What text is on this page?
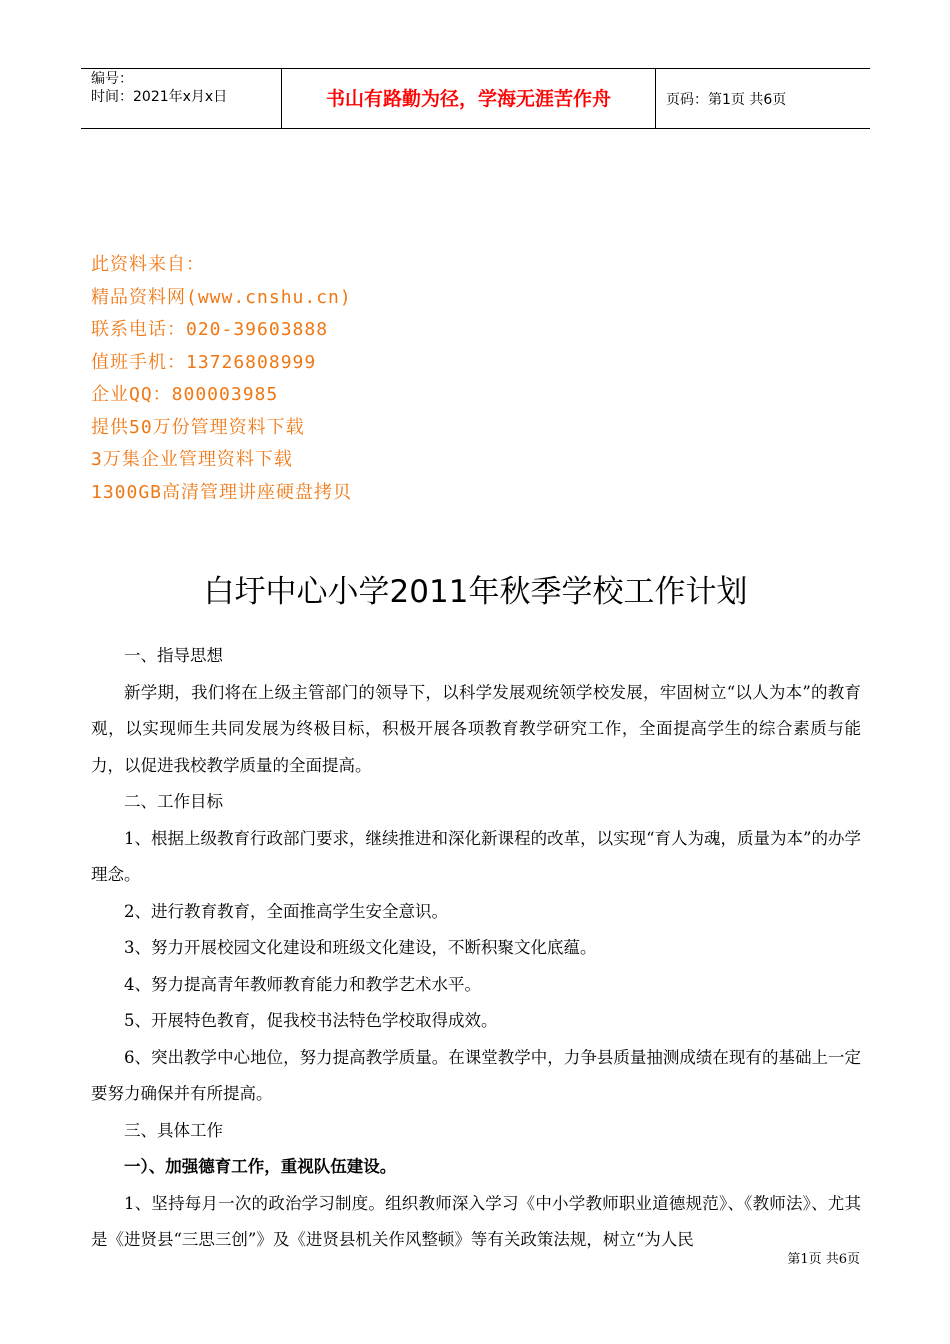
编号：
时间：2021年x月x日	书山有路勤为径，学海无涯苦作舟	页码：第1页 共6页
此资料来自：
精品资料网(www.cnshu.cn)
联系电话：020-39603888
值班手机：13726808999
企业QQ：800003985
提供50万份管理资料下载
3万集企业管理资料下载
1300GB高清管理讲座硬盘拷贝
白圩中心小学2011年秋季学校工作计划

一、指导思想

新学期，我们将在上级主管部门的领导下，以科学发展观统领学校发展，牢固树立“以人为本”的教育观，以实现师生共同发展为终极目标，积极开展各项教育教学研究工作，全面提高学生的综合素质与能力，以促进我校教学质量的全面提高。

二、工作目标

1、根据上级教育行政部门要求，继续推进和深化新课程的改革，以实现“育人为魂，质量为本”的办学理念。

2、进行教育教育，全面推高学生安全意识。

3、努力开展校园文化建设和班级文化建设，不断积聚文化底蕴。

4、努力提高青年教师教育能力和教学艺术水平。

5、开展特色教育，促我校书法特色学校取得成效。

6、突出教学中心地位，努力提高教学质量。在课堂教学中，力争县质量抽测成绩在现有的基础上一定要努力确保并有所提高。

三、具体工作

一）、加强德育工作，重视队伍建设。

1、坚持每月一次的政治学习制度。组织教师深入学习《中小学教师职业道德规范》、《教师法》、尤其是《进贤县“三思三创”》及《进贤县机关作风整顿》等有关政策法规，树立“为人民

第1页 共6页
